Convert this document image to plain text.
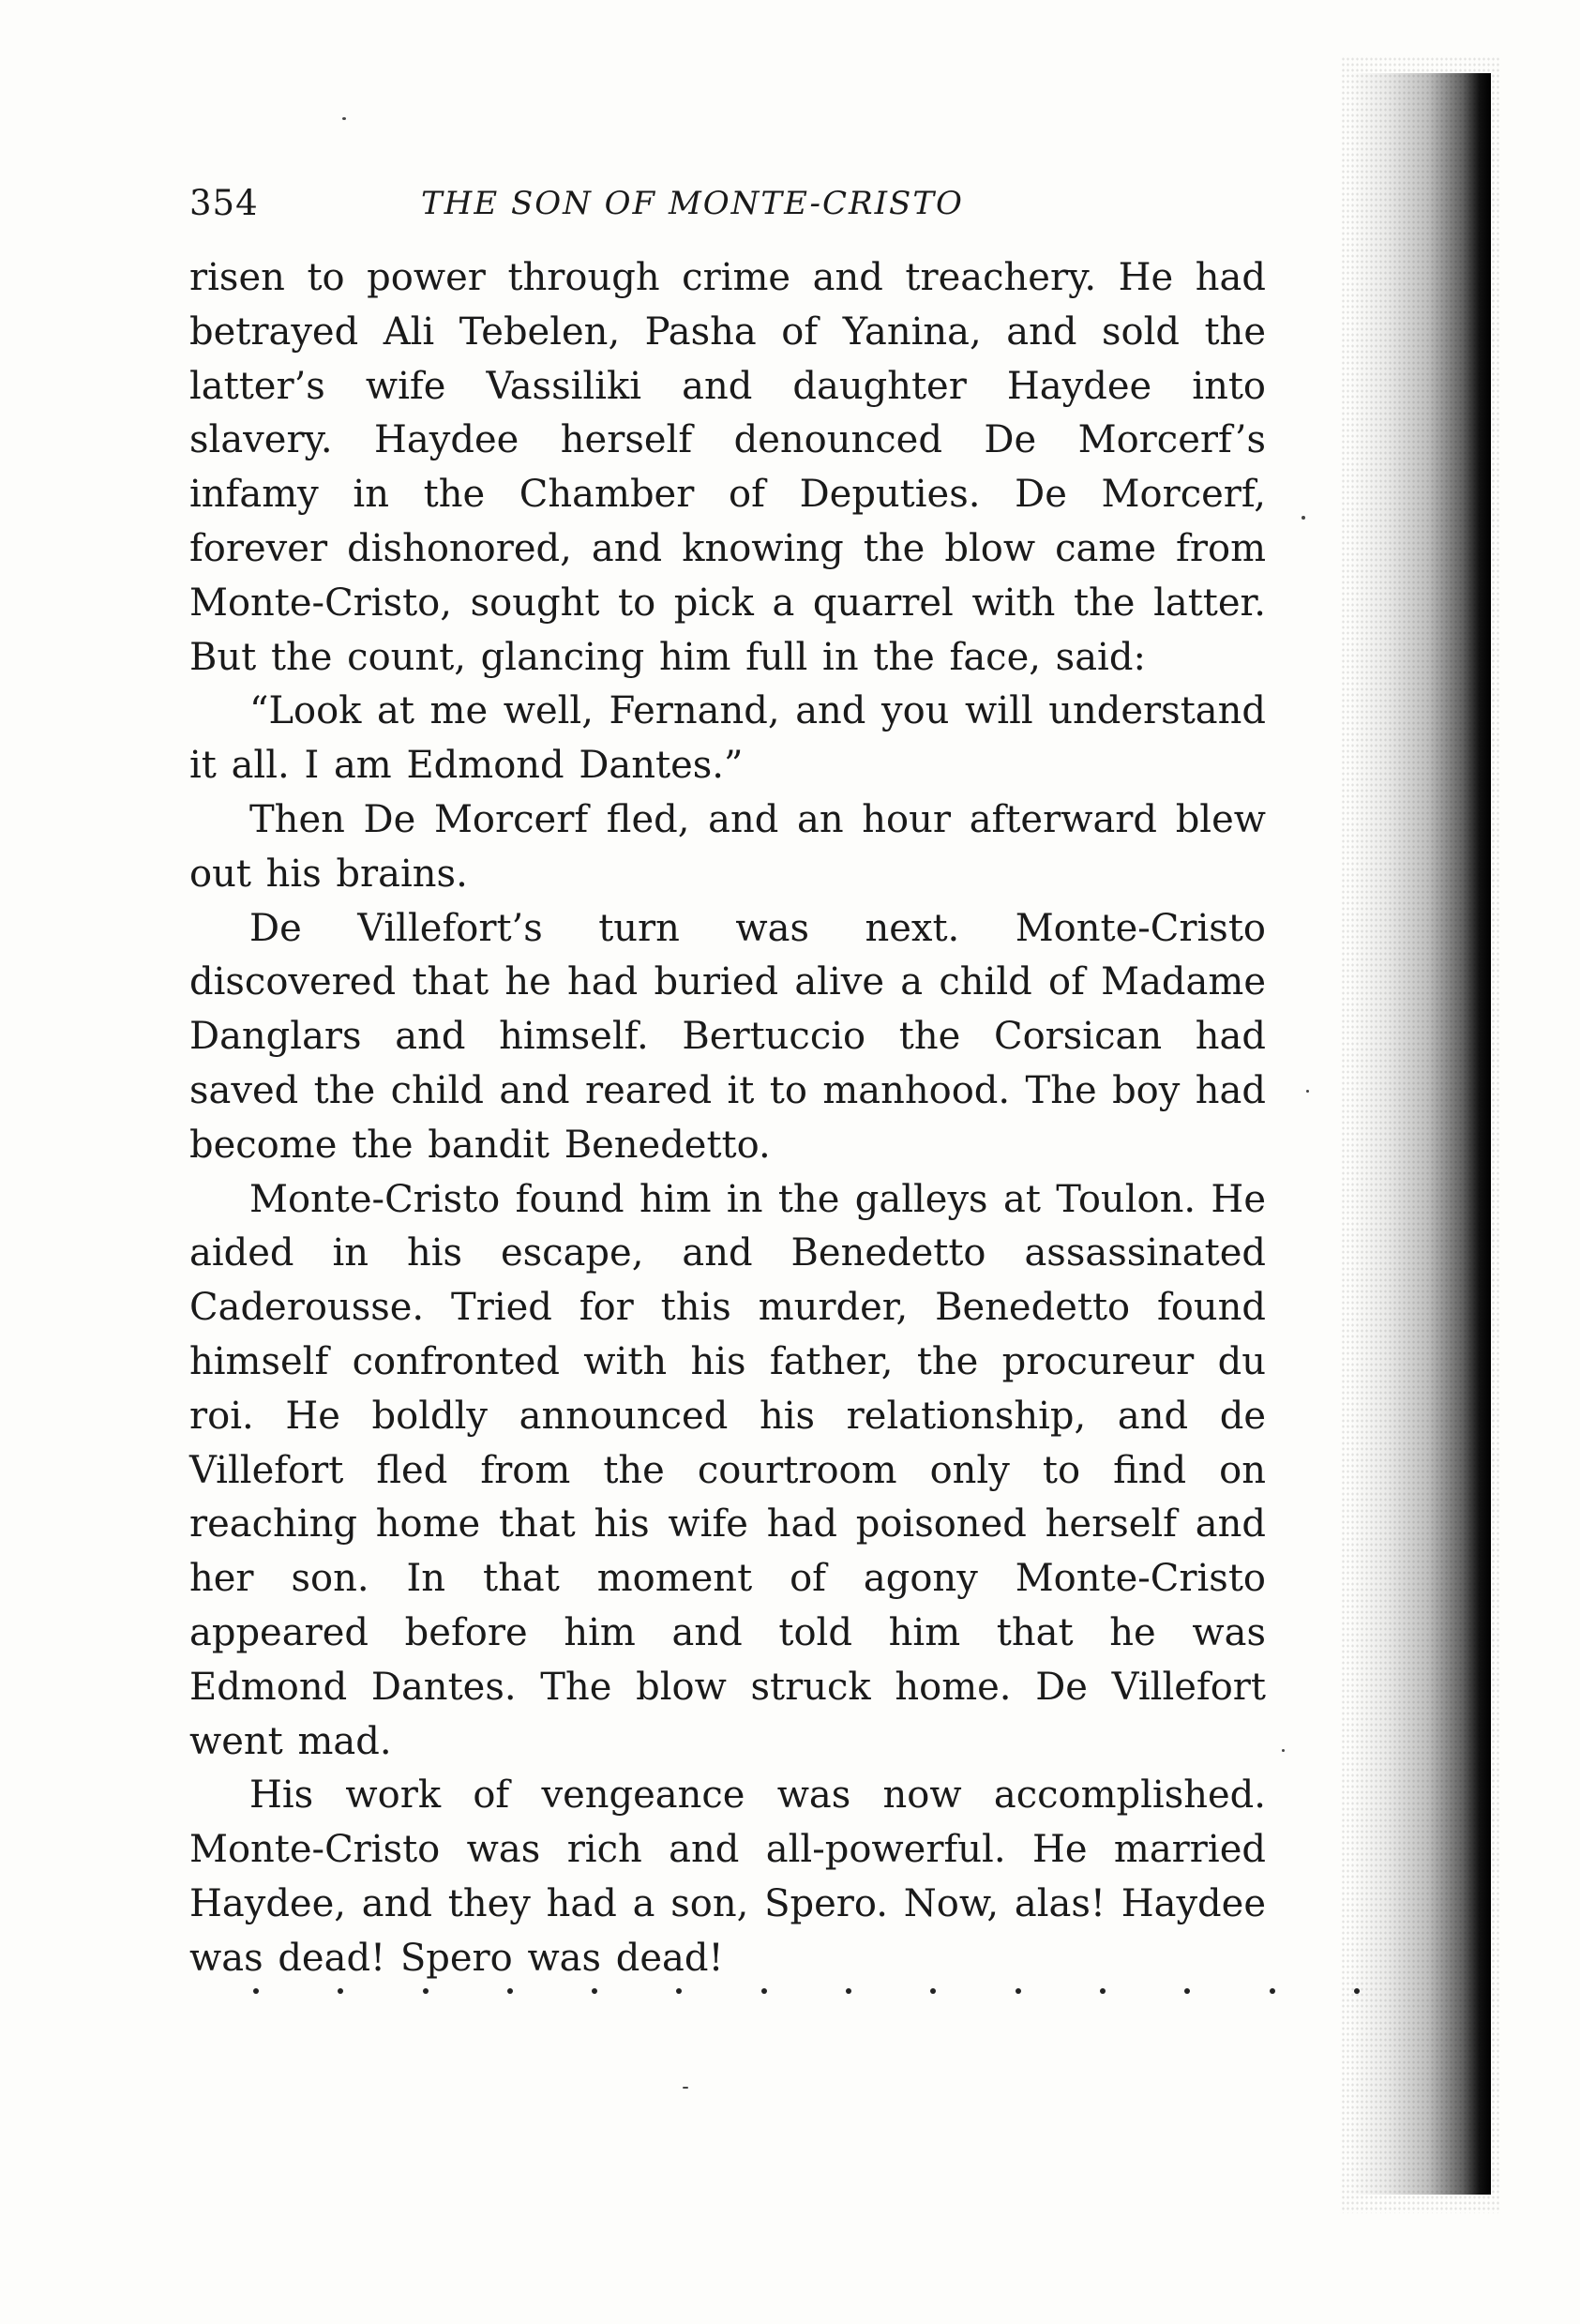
354	THE SON OF MONTE-CRISTO

risen to power through crime and treachery. He had betrayed Ali Tebelen, Pasha of Yanina, and sold the latter’s wife Vassiliki and daughter Haydee into slavery. Haydee herself denounced De Morcerf’s infamy in the Chamber of Deputies. De Morcerf, forever dishonored, and knowing the blow came from Monte-Cristo, sought to pick a quarrel with the latter. But the count, glancing him full in the face, said:

“Look at me well, Fernand, and you will understand it all. I am Edmond Dantes.”

Then De Morcerf fled, and an hour afterward blew out his brains.

De Villefort’s turn was next. Monte-Cristo discovered that he had buried alive a child of Madame Danglars and himself. Bertuccio the Corsican had saved the child and reared it to manhood. The boy had become the bandit Benedetto.

Monte-Cristo found him in the galleys at Toulon. He aided in his escape, and Benedetto assassinated Caderousse. Tried for this murder, Benedetto found himself confronted with his father, the procureur du roi. He boldly announced his relationship, and de Villefort fled from the courtroom only to find on reaching home that his wife had poisoned herself and her son. In that moment of agony Monte-Cristo appeared before him and told him that he was Edmond Dantes. The blow struck home. De Villefort went mad.

His work of vengeance was now accomplished. Monte-Cristo was rich and all-powerful. He married Haydee, and they had a son, Spero. Now, alas! Haydee was dead! Spero was dead!
